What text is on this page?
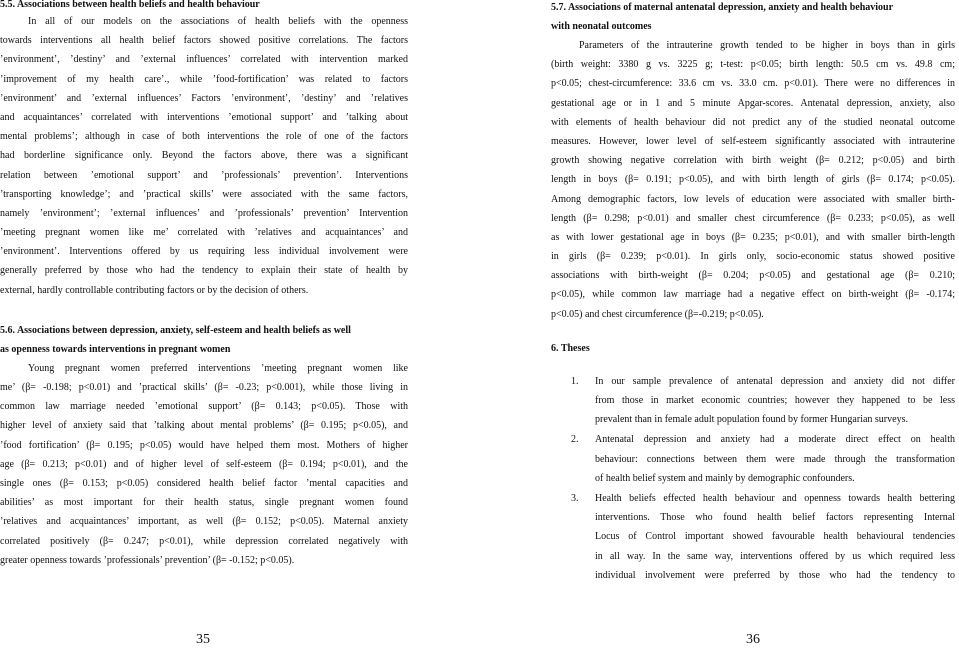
5.5. Associations between health beliefs and health behaviour
In all of our models on the associations of health beliefs with the openness
towards interventions all health belief factors showed positive correlations. The factors
’environment’, ’destiny’ and ’external influences’ correlated with intervention marked
’improvement of my health care’., while ’food-fortification’ was related to factors
’environment’ and ’external influences’ Factors ’environment’, ’destiny’ and ’relatives
and acquaintances’ correlated with interventions ’emotional support’ and ’talking about
mental problems’; although in case of both interventions the role of one of the factors
had borderline significance only. Beyond the factors above, there was a significant
relation between ’emotional support’ and ’professionals’ prevention’. Interventions
’transporting knowledge’; and ’practical skills’ were associated with the same factors,
namely ’environment’; ’external influences’ and ’professionals’ prevention’ Intervention
’meeting pregnant women like me’ correlated with ’relatives and acquaintances’ and
’environment’. Interventions offered by us requiring less individual involvement were
generally preferred by those who had the tendency to explain their state of health by
external, hardly controllable contributing factors or by the decision of others.
5.6. Associations between depression, anxiety, self-esteem and health beliefs as well
as openness towards interventions in pregnant women
Young pregnant women preferred interventions ’meeting pregnant women like
me’ (β= -0.198; p<0.01) and ’practical skills’ (β= -0.23; p<0.001), while those living in
common law marriage needed ’emotional support’ (β= 0.143; p<0.05). Those with
higher level of anxiety said that ’talking about mental problems’ (β= 0.195; p<0.05), and
’food fortification’ (β= 0.195; p<0.05) would have helped them most. Mothers of higher
age (β= 0.213; p<0.01) and of higher level of self-esteem (β= 0.194; p<0.01), and the
single ones (β= 0.153; p<0.05) considered health belief factor ’mental capacities and
abilities’ as most important for their health status, single pregnant women found
’relatives and acquaintances’ important, as well (β= 0.152; p<0.05). Maternal anxiety
correlated positively (β= 0.247; p<0.01), while depression correlated negatively with
greater openness towards ’professionals’ prevention’ (β= -0.152; p<0.05).
35
5.7. Associations of maternal antenatal depression, anxiety and health behaviour
with neonatal outcomes
Parameters of the intrauterine growth tended to be higher in boys than in girls
(birth weight: 3380 g vs. 3225 g; t-test: p<0.05; birth length: 50.5 cm vs. 49.8 cm;
p<0.05; chest-circumference: 33.6 cm vs. 33.0 cm. p<0.01). There were no differences in
gestational age or in 1 and 5 minute Apgar-scores. Antenatal depression, anxiety, also
with elements of health behaviour did not predict any of the studied neonatal outcome
measures. However, lower level of self-esteem significantly associated with intrauterine
growth showing negative correlation with birth weight (β= 0.212; p<0.05) and birth
length in boys (β= 0.191; p<0.05), and with birth length of girls (β= 0.174; p<0.05).
Among demographic factors, low levels of education were associated with smaller birth-
length (β= 0.298; p<0.01) and smaller chest circumference (β= 0.233; p<0.05), as well
as with lower gestational age in boys (β= 0.235; p<0.01), and with smaller birth-length
in girls (β= 0.239; p<0.01). In girls only, socio-economic status showed positive
associations with birth-weight (β= 0.204; p<0.05) and gestational age (β= 0.210;
p<0.05), while common law marriage had a negative effect on birth-weight (β= -0.174;
p<0.05) and chest circumference (β=-0.219; p<0.05).
6. Theses
1. In our sample prevalence of antenatal depression and anxiety did not differ
from those in market economic countries; however they happened to be less
prevalent than in female adult population found by former Hungarian surveys.
2. Antenatal depression and anxiety had a moderate direct effect on health
behaviour: connections between them were made through the transformation
of health belief system and mainly by demographic confounders.
3. Health beliefs effected health behaviour and openness towards health bettering
interventions. Those who found health belief factors representing Internal
Locus of Control important showed favourable health behavioural tendencies
in all way. In the same way, interventions offered by us which required less
individual involvement were preferred by those who had the tendency to
36
